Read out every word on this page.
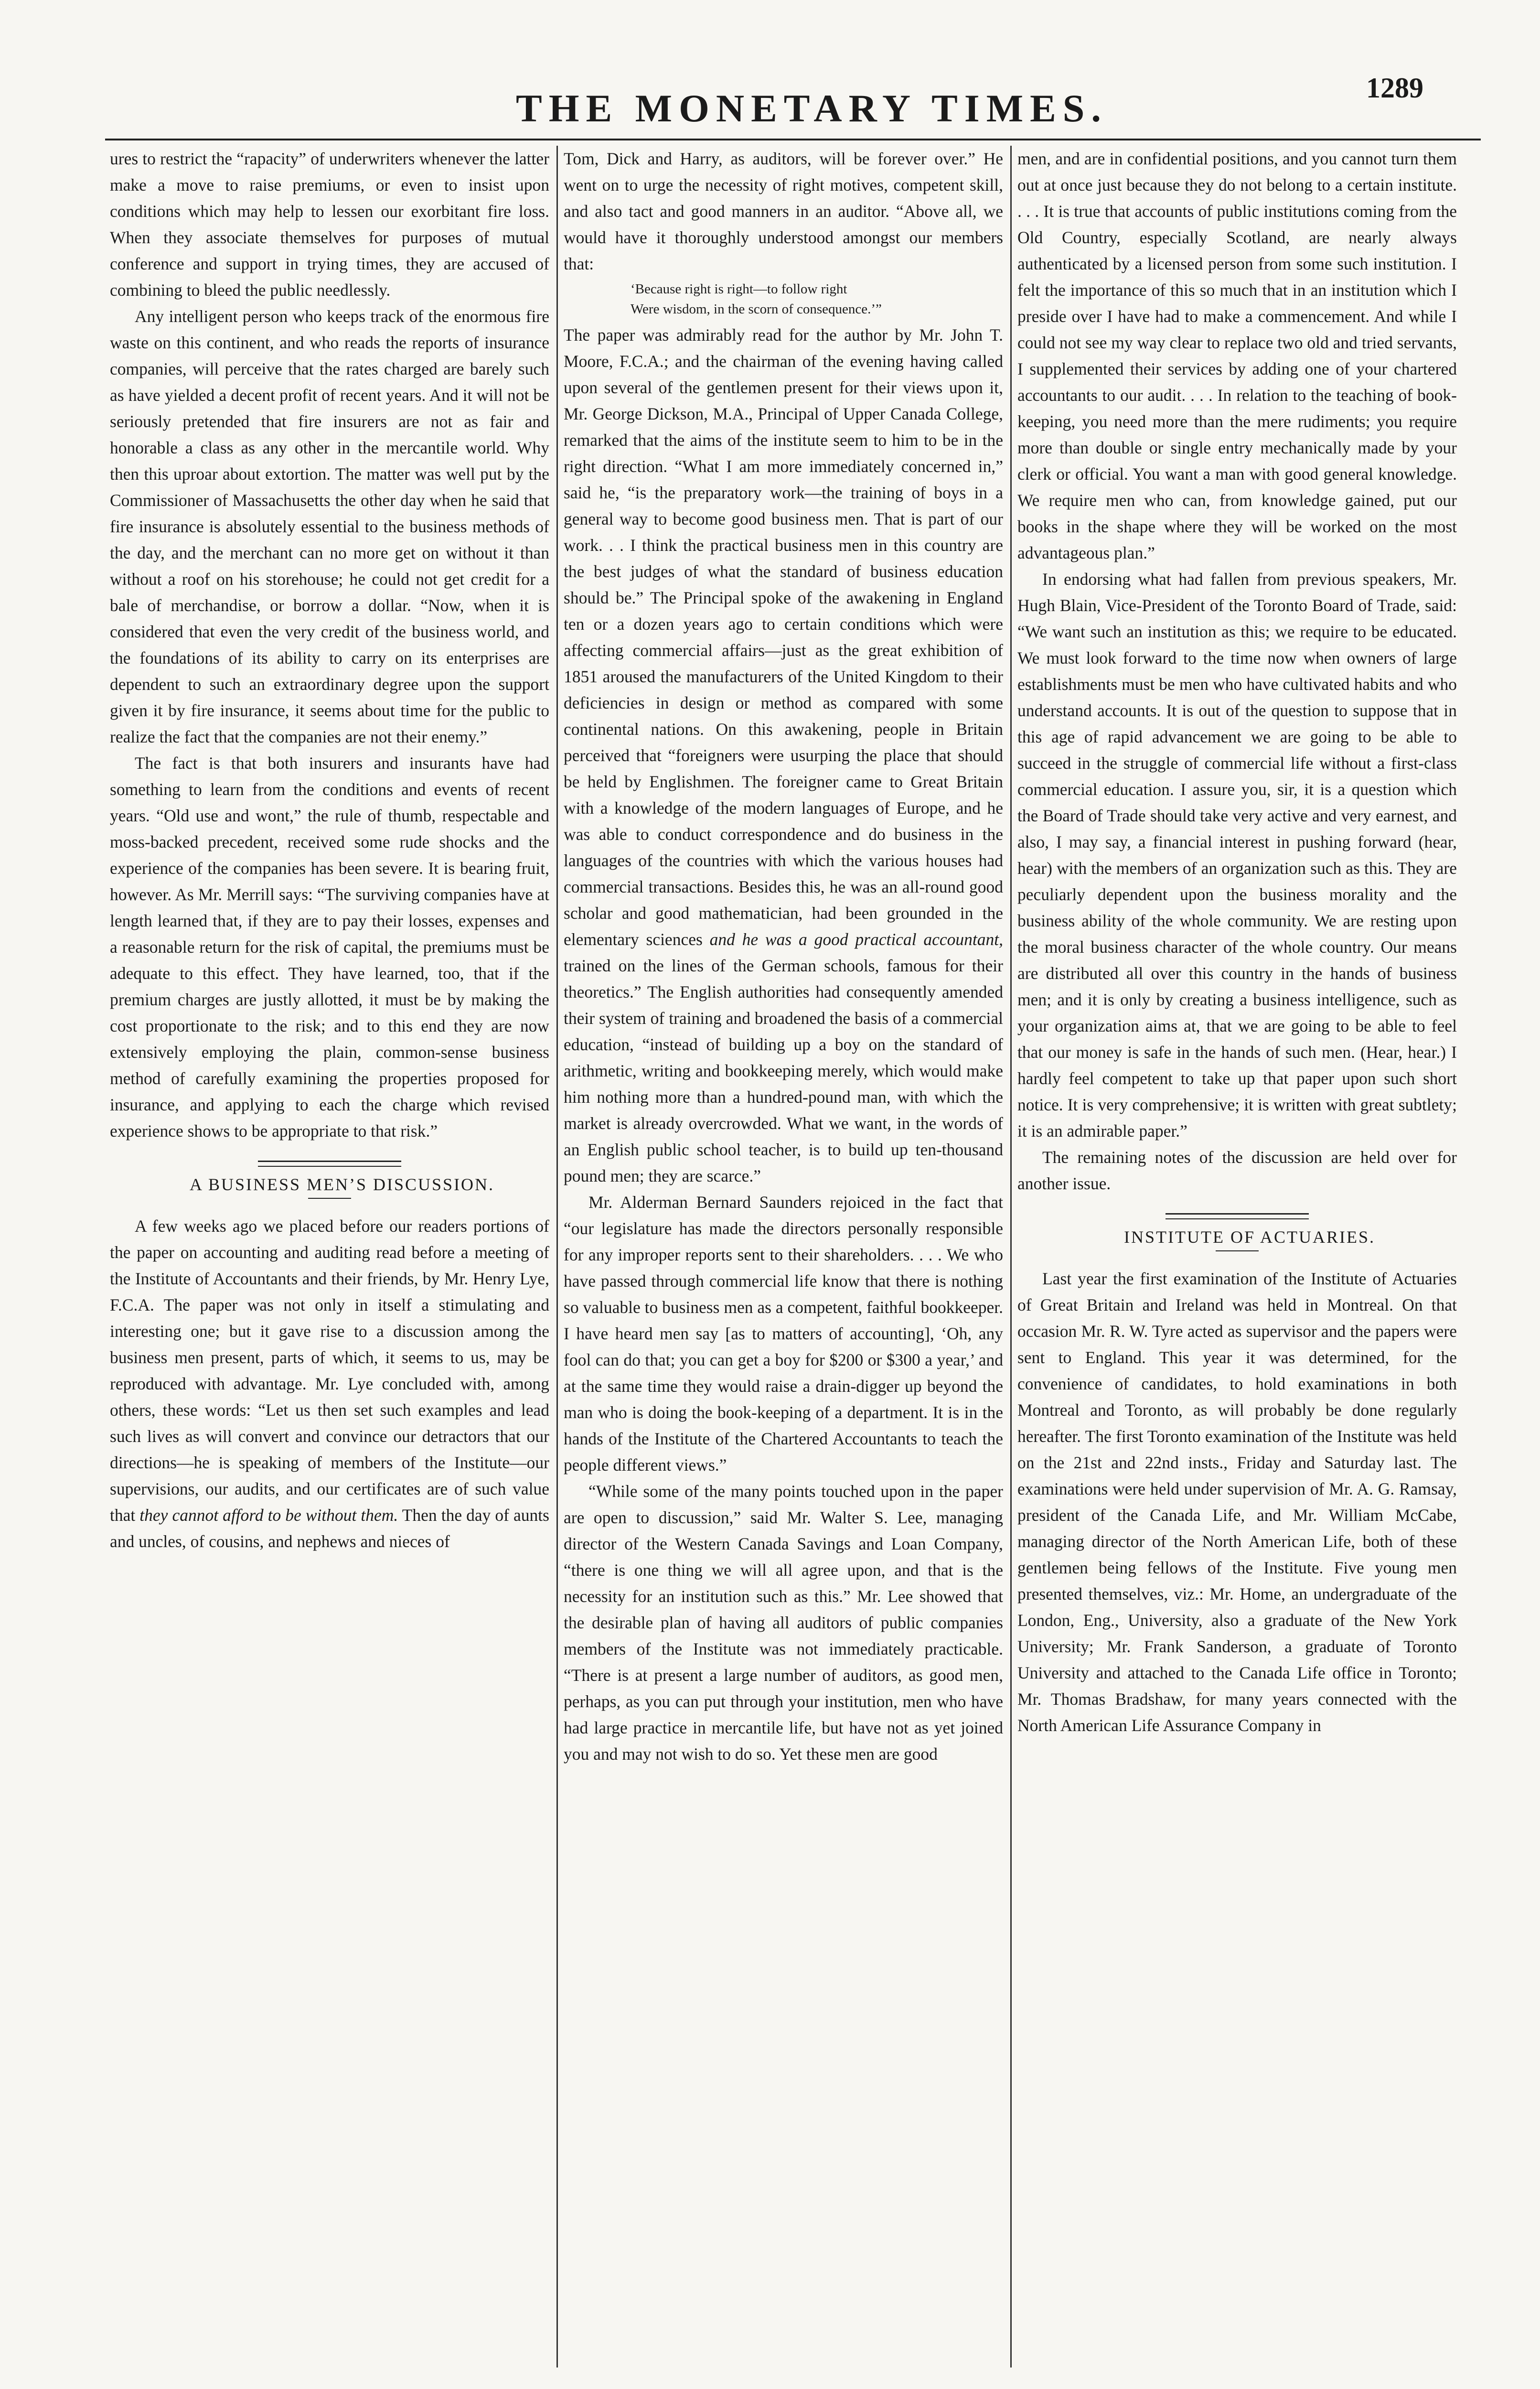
THE MONETARY TIMES.	1289

ures to restrict the “rapacity” of underwriters whenever the latter make a move to raise premiums, or even to insist upon conditions which may help to lessen our exorbitant fire loss. When they associate themselves for purposes of mutual conference and support in trying times, they are accused of combining to bleed the public needlessly.

Any intelligent person who keeps track of the enormous fire waste on this continent, and who reads the reports of insurance companies, will perceive that the rates charged are barely such as have yielded a decent profit of recent years. And it will not be seriously pretended that fire insurers are not as fair and honorable a class as any other in the mercantile world. Why then this uproar about extortion. The matter was well put by the Commissioner of Massachusetts the other day when he said that fire insurance is absolutely essential to the business methods of the day, and the merchant can no more get on without it than without a roof on his storehouse; he could not get credit for a bale of merchandise, or borrow a dollar. “Now, when it is considered that even the very credit of the business world, and the foundations of its ability to carry on its enterprises are dependent to such an extraordinary degree upon the support given it by fire insurance, it seems about time for the public to realize the fact that the companies are not their enemy.”

The fact is that both insurers and insurants have had something to learn from the conditions and events of recent years. “Old use and wont,” the rule of thumb, respectable and moss-backed precedent, received some rude shocks and the experience of the companies has been severe. It is bearing fruit, however. As Mr. Merrill says: “The surviving companies have at length learned that, if they are to pay their losses, expenses and a reasonable return for the risk of capital, the premiums must be adequate to this effect. They have learned, too, that if the premium charges are justly allotted, it must be by making the cost proportionate to the risk; and to this end they are now extensively employing the plain, common-sense business method of carefully examining the properties proposed for insurance, and applying to each the charge which revised experience shows to be appropriate to that risk.”

A BUSINESS MEN’S DISCUSSION.

A few weeks ago we placed before our readers portions of the paper on accounting and auditing read before a meeting of the Institute of Accountants and their friends, by Mr. Henry Lye, F.C.A. The paper was not only in itself a stimulating and interesting one; but it gave rise to a discussion among the business men present, parts of which, it seems to us, may be reproduced with advantage. Mr. Lye concluded with, among others, these words: “Let us then set such examples and lead such lives as will convert and convince our detractors that our directions—he is speaking of members of the Institute—our supervisions, our audits, and our certificates are of such value that they cannot afford to be without them. Then the day of aunts and uncles, of cousins, and nephews and nieces of

Tom, Dick and Harry, as auditors, will be forever over.” He went on to urge the necessity of right motives, competent skill, and also tact and good manners in an auditor. “Above all, we would have it thoroughly understood amongst our members that:

‘Because right is right—to follow right
Were wisdom, in the scorn of consequence.’”

The paper was admirably read for the author by Mr. John T. Moore, F.C.A.; and the chairman of the evening having called upon several of the gentlemen present for their views upon it, Mr. George Dickson, M.A., Principal of Upper Canada College, remarked that the aims of the institute seem to him to be in the right direction. “What I am more immediately concerned in,” said he, “is the preparatory work—the training of boys in a general way to become good business men. That is part of our work. . . I think the practical business men in this country are the best judges of what the standard of business education should be.” The Principal spoke of the awakening in England ten or a dozen years ago to certain conditions which were affecting commercial affairs—just as the great exhibition of 1851 aroused the manufacturers of the United Kingdom to their deficiencies in design or method as compared with some continental nations. On this awakening, people in Britain perceived that “foreigners were usurping the place that should be held by Englishmen. The foreigner came to Great Britain with a knowledge of the modern languages of Europe, and he was able to conduct correspondence and do business in the languages of the countries with which the various houses had commercial transactions. Besides this, he was an all-round good scholar and good mathematician, had been grounded in the elementary sciences and he was a good practical accountant, trained on the lines of the German schools, famous for their theoretics.” The English authorities had consequently amended their system of training and broadened the basis of a commercial education, “instead of building up a boy on the standard of arithmetic, writing and bookkeeping merely, which would make him nothing more than a hundred-pound man, with which the market is already overcrowded. What we want, in the words of an English public school teacher, is to build up ten-thousand pound men; they are scarce.”

Mr. Alderman Bernard Saunders rejoiced in the fact that “our legislature has made the directors personally responsible for any improper reports sent to their shareholders. . . . We who have passed through commercial life know that there is nothing so valuable to business men as a competent, faithful bookkeeper. I have heard men say [as to matters of accounting], ‘Oh, any fool can do that; you can get a boy for $200 or $300 a year,’ and at the same time they would raise a drain-digger up beyond the man who is doing the book-keeping of a department. It is in the hands of the Institute of the Chartered Accountants to teach the people different views.”

“While some of the many points touched upon in the paper are open to discussion,” said Mr. Walter S. Lee, managing director of the Western Canada Savings and Loan Company, “there is one thing we will all agree upon, and that is the necessity for an institution such as this.” Mr. Lee showed that the desirable plan of having all auditors of public companies members of the Institute was not immediately practicable. “There is at present a large number of auditors, as good men, perhaps, as you can put through your institution, men who have had large practice in mercantile life, but have not as yet joined you and may not wish to do so. Yet these men are good

men, and are in confidential positions, and you cannot turn them out at once just because they do not belong to a certain institute. . . . It is true that accounts of public institutions coming from the Old Country, especially Scotland, are nearly always authenticated by a licensed person from some such institution. I felt the importance of this so much that in an institution which I preside over I have had to make a commencement. And while I could not see my way clear to replace two old and tried servants, I supplemented their services by adding one of your chartered accountants to our audit. . . . In relation to the teaching of book-keeping, you need more than the mere rudiments; you require more than double or single entry mechanically made by your clerk or official. You want a man with good general knowledge. We require men who can, from knowledge gained, put our books in the shape where they will be worked on the most advantageous plan.”

In endorsing what had fallen from previous speakers, Mr. Hugh Blain, Vice-President of the Toronto Board of Trade, said: “We want such an institution as this; we require to be educated. We must look forward to the time now when owners of large establishments must be men who have cultivated habits and who understand accounts. It is out of the question to suppose that in this age of rapid advancement we are going to be able to succeed in the struggle of commercial life without a first-class commercial education. I assure you, sir, it is a question which the Board of Trade should take very active and very earnest, and also, I may say, a financial interest in pushing forward (hear, hear) with the members of an organization such as this. They are peculiarly dependent upon the business morality and the business ability of the whole community. We are resting upon the moral business character of the whole country. Our means are distributed all over this country in the hands of business men; and it is only by creating a business intelligence, such as your organization aims at, that we are going to be able to feel that our money is safe in the hands of such men. (Hear, hear.) I hardly feel competent to take up that paper upon such short notice. It is very comprehensive; it is written with great subtlety; it is an admirable paper.”

The remaining notes of the discussion are held over for another issue.

INSTITUTE OF ACTUARIES.

Last year the first examination of the Institute of Actuaries of Great Britain and Ireland was held in Montreal. On that occasion Mr. R. W. Tyre acted as supervisor and the papers were sent to England. This year it was determined, for the convenience of candidates, to hold examinations in both Montreal and Toronto, as will probably be done regularly hereafter. The first Toronto examination of the Institute was held on the 21st and 22nd insts., Friday and Saturday last. The examinations were held under supervision of Mr. A. G. Ramsay, president of the Canada Life, and Mr. William McCabe, managing director of the North American Life, both of these gentlemen being fellows of the Institute. Five young men presented themselves, viz.: Mr. Home, an undergraduate of the London, Eng., University, also a graduate of the New York University; Mr. Frank Sanderson, a graduate of Toronto University and attached to the Canada Life office in Toronto; Mr. Thomas Bradshaw, for many years connected with the North American Life Assurance Company in
